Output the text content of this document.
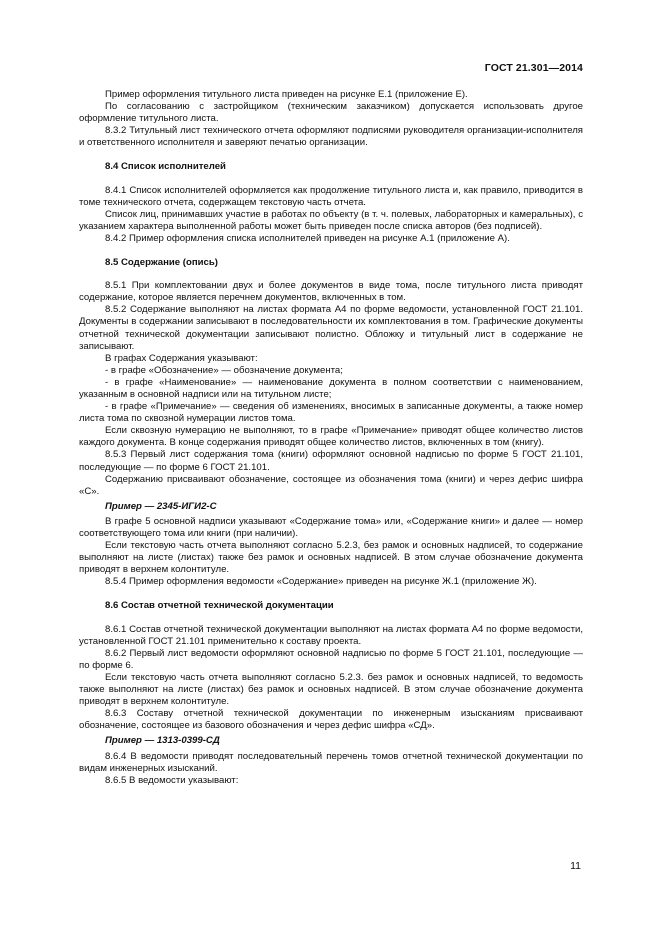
ГОСТ 21.301—2014

Пример оформления титульного листа приведен на рисунке Е.1 (приложение Е).

По согласованию с застройщиком (техническим заказчиком) допускается использовать другое оформление титульного листа.

8.3.2 Титульный лист технического отчета оформляют подписями руководителя организации-исполнителя и ответственного исполнителя и заверяют печатью организации.

8.4 Список исполнителей

8.4.1 Список исполнителей оформляется как продолжение титульного листа и, как правило, приводится в томе технического отчета, содержащем текстовую часть отчета.

Список лиц, принимавших участие в работах по объекту (в т. ч. полевых, лабораторных и камеральных), с указанием характера выполненной работы может быть приведен после списка авторов (без подписей).

8.4.2 Пример оформления списка исполнителей приведен на рисунке А.1 (приложение А).

8.5 Содержание (опись)

8.5.1 При комплектовании двух и более документов в виде тома, после титульного листа приводят содержание, которое является перечнем документов, включенных в том.

8.5.2 Содержание выполняют на листах формата А4 по форме ведомости, установленной ГОСТ 21.101. Документы в содержании записывают в последовательности их комплектования в том. Графические документы отчетной технической документации записывают полистно. Обложку и титульный лист в содержание не записывают.

В графах Содержания указывают:

- в графе «Обозначение» — обозначение документа;

- в графе «Наименование» — наименование документа в полном соответствии с наименованием, указанным в основной надписи или на титульном листе;

- в графе «Примечание» — сведения об изменениях, вносимых в записанные документы, а также номер листа тома по сквозной нумерации листов тома.

Если сквозную нумерацию не выполняют, то в графе «Примечание» приводят общее количество листов каждого документа. В конце содержания приводят общее количество листов, включенных в том (книгу).

8.5.3 Первый лист содержания тома (книги) оформляют основной надписью по форме 5 ГОСТ 21.101, последующие — по форме 6 ГОСТ 21.101.

Содержанию присваивают обозначение, состоящее из обозначения тома (книги) и через дефис шифра «С».

Пример — 2345-ИГИ2-С

В графе 5 основной надписи указывают «Содержание тома» или, «Содержание книги» и далее — номер соответствующего тома или книги (при наличии).

Если текстовую часть отчета выполняют согласно 5.2.3, без рамок и основных надписей, то содержание выполняют на листе (листах) также без рамок и основных надписей. В этом случае обозначение документа приводят в верхнем колонтитуле.

8.5.4 Пример оформления ведомости «Содержание» приведен на рисунке Ж.1 (приложение Ж).

8.6 Состав отчетной технической документации

8.6.1 Состав отчетной технической документации выполняют на листах формата А4 по форме ведомости, установленной ГОСТ 21.101 применительно к составу проекта.

8.6.2 Первый лист ведомости оформляют основной надписью по форме 5 ГОСТ 21.101, последующие — по форме 6.

Если текстовую часть отчета выполняют согласно 5.2.3. без рамок и основных надписей, то ведомость также выполняют на листе (листах) без рамок и основных надписей. В этом случае обозначение документа приводят в верхнем колонтитуле.

8.6.3 Составу отчетной технической документации по инженерным изысканиям присваивают обозначение, состоящее из базового обозначения и через дефис шифра «СД».

Пример — 1313-0399-СД

8.6.4 В ведомости приводят последовательный перечень томов отчетной технической документации по видам инженерных изысканий.

8.6.5 В ведомости указывают:

11
